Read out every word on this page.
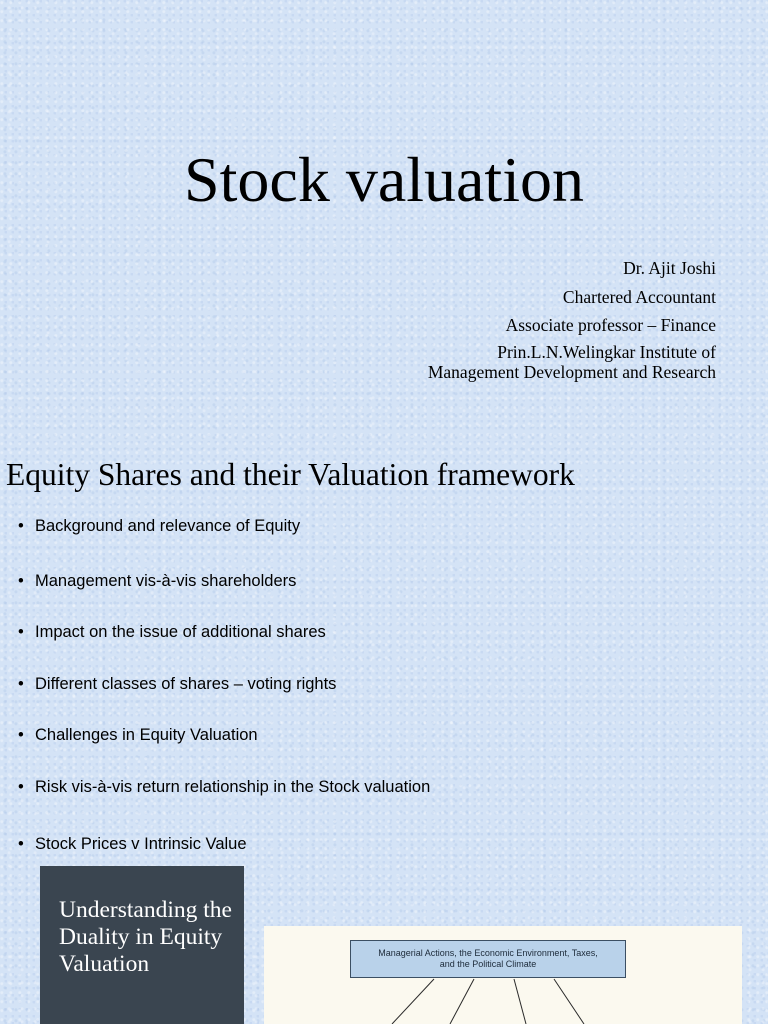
Stock valuation
Dr. Ajit Joshi
Chartered Accountant
Associate professor – Finance
Prin.L.N.Welingkar Institute of
Management Development and Research
Equity Shares and their Valuation framework
• Background and relevance of Equity
• Management vis-à-vis shareholders
• Impact on the issue of additional shares
• Different classes of shares – voting rights
• Challenges in Equity Valuation
• Risk vis-à-vis return relationship in the Stock valuation
• Stock Prices v Intrinsic Value
Understanding the Duality in Equity Valuation	Managerial Actions, the Economic Environment, Taxes, and the Political Climate
